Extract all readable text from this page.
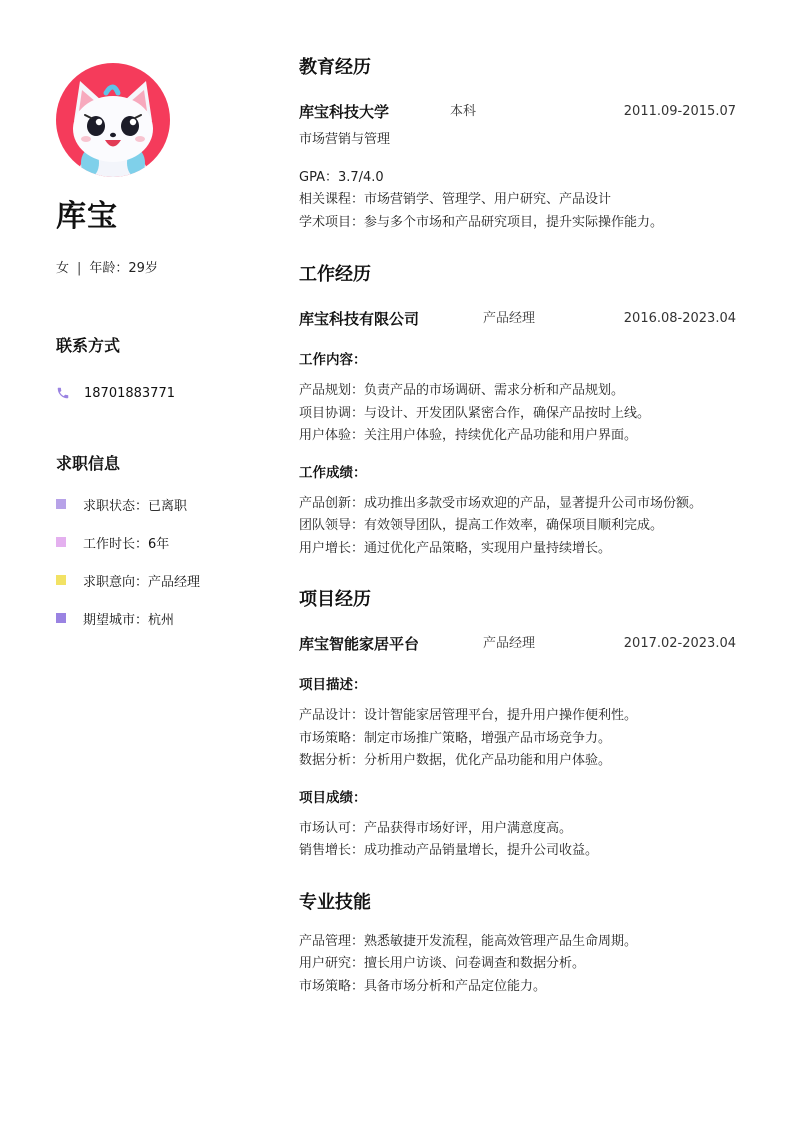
库宝
女 | 年龄：29岁
联系方式
18701883771
求职信息
求职状态：已离职
工作时长：6年
求职意向：产品经理
期望城市：杭州
教育经历
库宝科技大学	本科	2011.09-2015.07
市场营销与管理
GPA：3.7/4.0
相关课程：市场营销学、管理学、用户研究、产品设计
学术项目：参与多个市场和产品研究项目，提升实际操作能力。
工作经历
库宝科技有限公司	产品经理	2016.08-2023.04
工作内容：
产品规划：负责产品的市场调研、需求分析和产品规划。
项目协调：与设计、开发团队紧密合作，确保产品按时上线。
用户体验：关注用户体验，持续优化产品功能和用户界面。
工作成绩：
产品创新：成功推出多款受市场欢迎的产品，显著提升公司市场份额。
团队领导：有效领导团队，提高工作效率，确保项目顺利完成。
用户增长：通过优化产品策略，实现用户量持续增长。
项目经历
库宝智能家居平台	产品经理	2017.02-2023.04
项目描述：
产品设计：设计智能家居管理平台，提升用户操作便利性。
市场策略：制定市场推广策略，增强产品市场竞争力。
数据分析：分析用户数据，优化产品功能和用户体验。
项目成绩：
市场认可：产品获得市场好评，用户满意度高。
销售增长：成功推动产品销量增长，提升公司收益。
专业技能
产品管理：熟悉敏捷开发流程，能高效管理产品生命周期。
用户研究：擅长用户访谈、问卷调查和数据分析。
市场策略：具备市场分析和产品定位能力。
